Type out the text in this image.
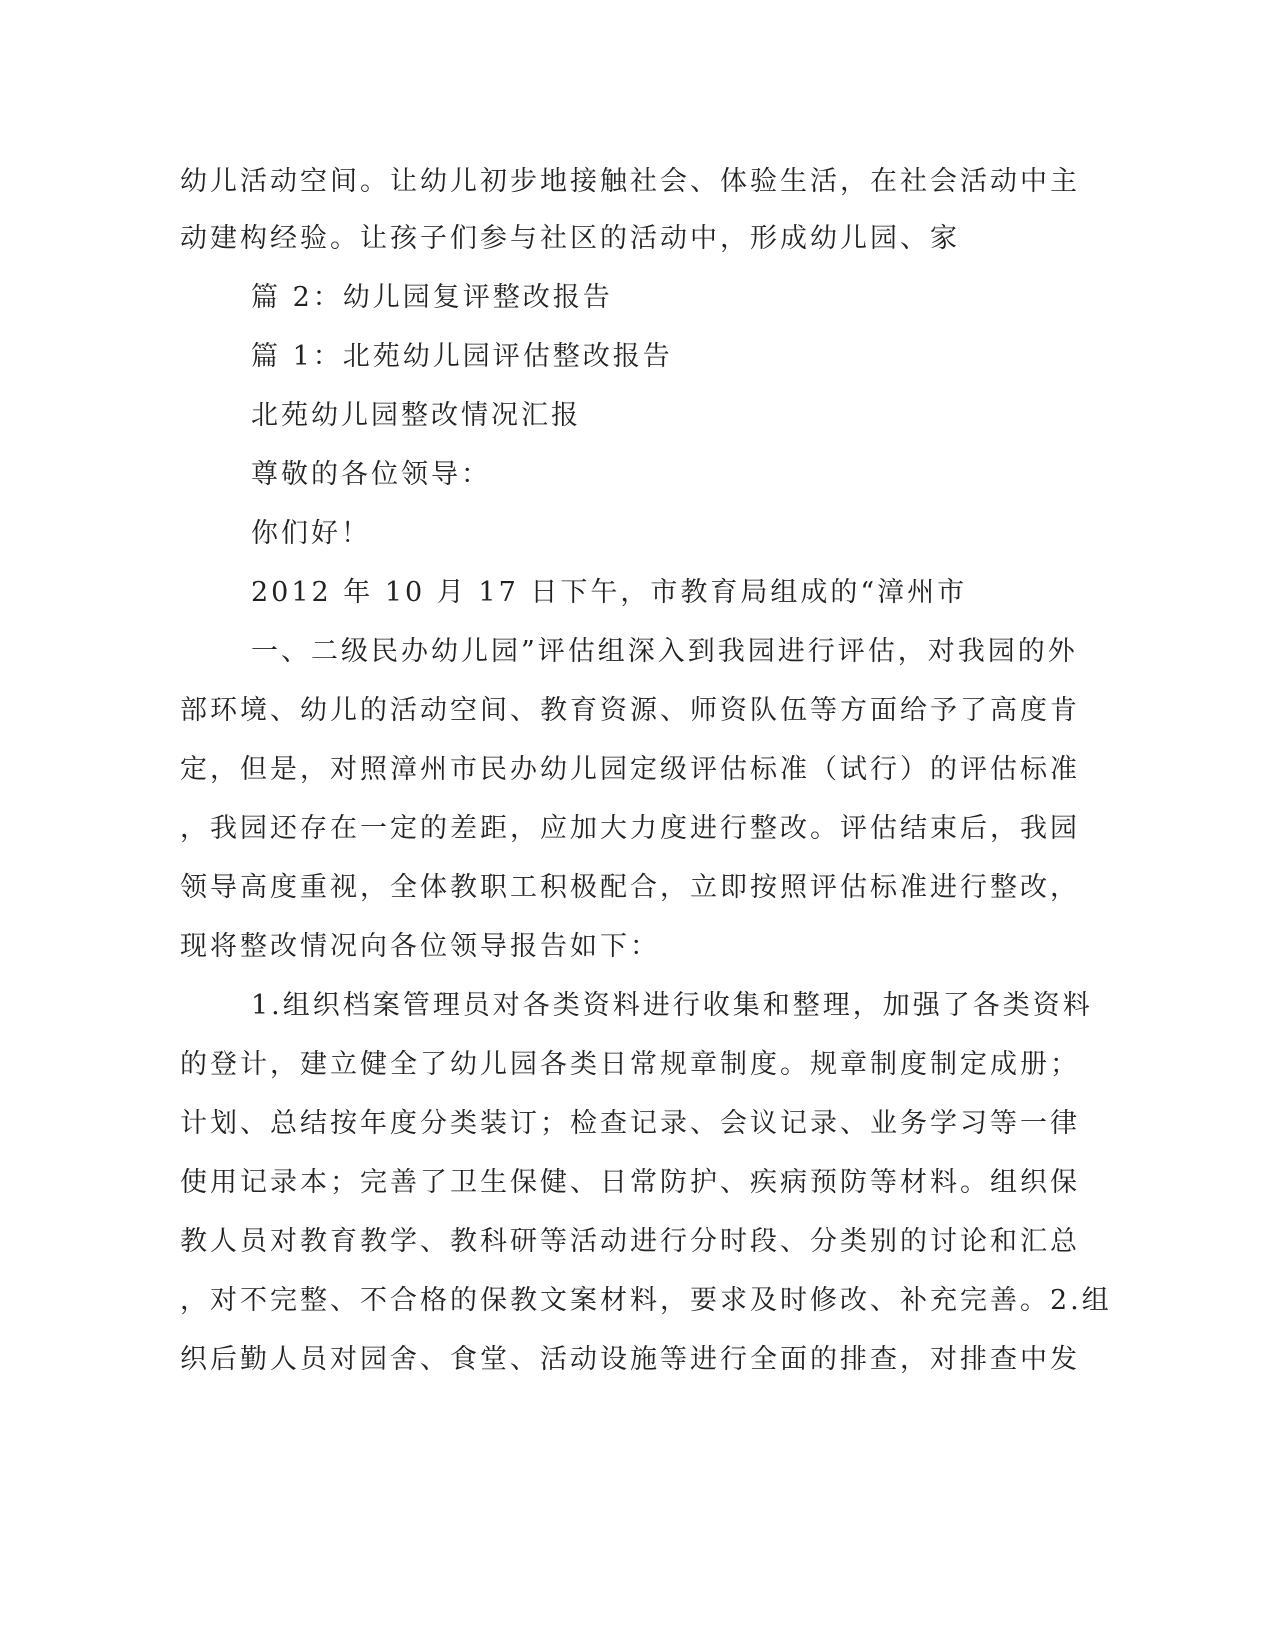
幼儿活动空间。让幼儿初步地接触社会、体验生活，在社会活动中主
动建构经验。让孩子们参与社区的活动中，形成幼儿园、家
篇 2：幼儿园复评整改报告
篇 1：北苑幼儿园评估整改报告
北苑幼儿园整改情况汇报
尊敬的各位领导：
你们好！
2012 年 10 月 17 日下午，市教育局组成的“漳州市
一、二级民办幼儿园”评估组深入到我园进行评估，对我园的外
部环境、幼儿的活动空间、教育资源、师资队伍等方面给予了高度肯
定，但是，对照漳州市民办幼儿园定级评估标准（试行）的评估标准
，我园还存在一定的差距，应加大力度进行整改。评估结束后，我园
领导高度重视，全体教职工积极配合，立即按照评估标准进行整改，
现将整改情况向各位领导报告如下：
1.组织档案管理员对各类资料进行收集和整理，加强了各类资料
的登计，建立健全了幼儿园各类日常规章制度。规章制度制定成册；
计划、总结按年度分类装订；检查记录、会议记录、业务学习等一律
使用记录本；完善了卫生保健、日常防护、疾病预防等材料。组织保
教人员对教育教学、教科研等活动进行分时段、分类别的讨论和汇总
，对不完整、不合格的保教文案材料，要求及时修改、补充完善。2.组
织后勤人员对园舍、食堂、活动设施等进行全面的排查，对排查中发
